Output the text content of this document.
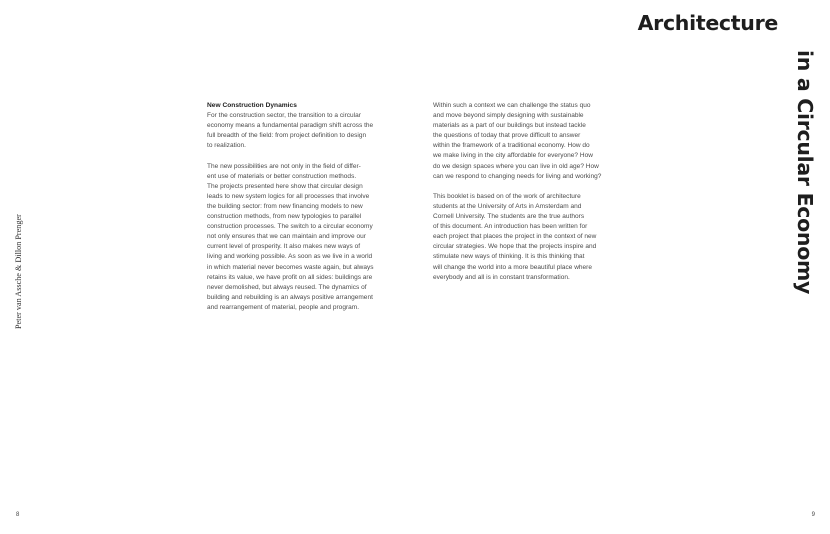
Peter van Assche & Dillon Prenger
New Construction Dynamics

For the construction sector, the transition to a circular
economy means a fundamental paradigm shift across the
full breadth of the field: from project definition to design
to realization.

The new possibilities are not only in the field of differ-
ent use of materials or better construction methods.
The projects presented here show that circular design
leads to new system logics for all processes that involve
the building sector: from new financing models to new
construction methods, from new typologies to parallel
construction processes. The switch to a circular economy
not only ensures that we can maintain and improve our
current level of prosperity. It also makes new ways of
living and working possible. As soon as we live in a world
in which material never becomes waste again, but always
retains its value, we have profit on all sides: buildings are
never demolished, but always reused. The dynamics of
building and rebuilding is an always positive arrangement
and rearrangement of material, people and program.

Within such a context we can challenge the status quo
and move beyond simply designing with sustainable
materials as a part of our buildings but instead tackle
the questions of today that prove difficult to answer
within the framework of a traditional economy. How do
we make living in the city affordable for everyone? How
do we design spaces where you can live in old age? How
can we respond to changing needs for living and working?

This booklet is based on of the work of architecture
students at the University of Arts in Amsterdam and
Cornell University. The students are the true authors
of this document. An introduction has been written for
each project that places the project in the context of new
circular strategies. We hope that the projects inspire and
stimulate new ways of thinking. It is this thinking that
will change the world into a more beautiful place where
everybody and all is in constant transformation.

Architecture
in a Circular Economy
8	9
